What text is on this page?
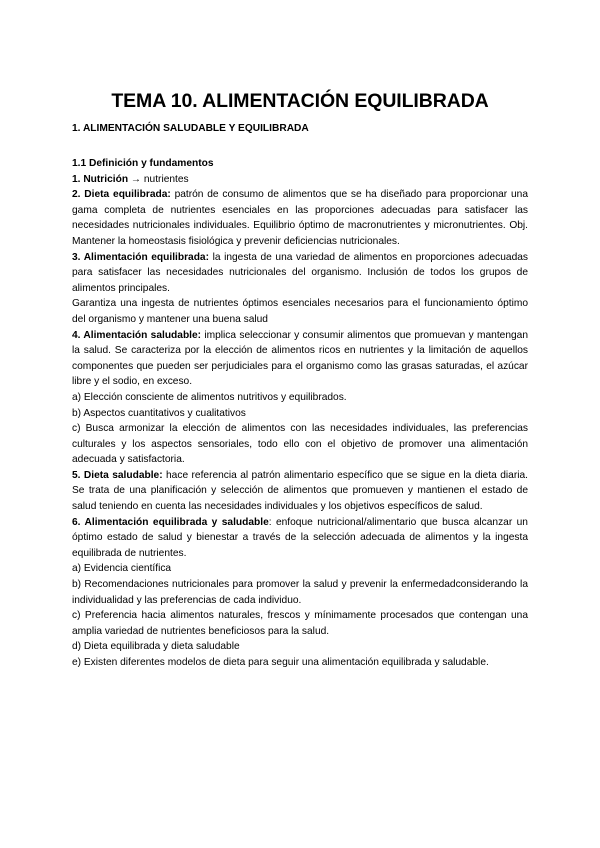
TEMA 10. ALIMENTACIÓN EQUILIBRADA
1. ALIMENTACIÓN SALUDABLE Y EQUILIBRADA
1.1 Definición y fundamentos

1. Nutrición → nutrientes

2. Dieta equilibrada: patrón de consumo de alimentos que se ha diseñado para proporcionar una gama completa de nutrientes esenciales en las proporciones adecuadas para satisfacer las necesidades nutricionales individuales. Equilibrio óptimo de macronutrientes y micronutrientes. Obj. Mantener la homeostasis fisiológica y prevenir deficiencias nutricionales.

3. Alimentación equilibrada: la ingesta de una variedad de alimentos en proporciones adecuadas para satisfacer las necesidades nutricionales del organismo. Inclusión de todos los grupos de alimentos principales.

Garantiza una ingesta de nutrientes óptimos esenciales necesarios para el funcionamiento óptimo del organismo y mantener una buena salud

4. Alimentación saludable: implica seleccionar y consumir alimentos que promuevan y mantengan la salud. Se caracteriza por la elección de alimentos ricos en nutrientes y la limitación de aquellos componentes que pueden ser perjudiciales para el organismo como las grasas saturadas, el azúcar libre y el sodio, en exceso.

a) Elección consciente de alimentos nutritivos y equilibrados.

b) Aspectos cuantitativos y cualitativos

c) Busca armonizar la elección de alimentos con las necesidades individuales, las preferencias culturales y los aspectos sensoriales, todo ello con el objetivo de promover una alimentación adecuada y satisfactoria.

5. Dieta saludable: hace referencia al patrón alimentario específico que se sigue en la dieta diaria. Se trata de una planificación y selección de alimentos que promueven y mantienen el estado de salud teniendo en cuenta las necesidades individuales y los objetivos específicos de salud.

6. Alimentación equilibrada y saludable: enfoque nutricional/alimentario que busca alcanzar un óptimo estado de salud y bienestar a través de la selección adecuada de alimentos y la ingesta equilibrada de nutrientes.

a) Evidencia científica

b) Recomendaciones nutricionales para promover la salud y prevenir la enfermedadconsiderando la individualidad y las preferencias de cada individuo.

c) Preferencia hacia alimentos naturales, frescos y mínimamente procesados que contengan una amplia variedad de nutrientes beneficiosos para la salud.

d) Dieta equilibrada y dieta saludable

e) Existen diferentes modelos de dieta para seguir una alimentación equilibrada y saludable.
